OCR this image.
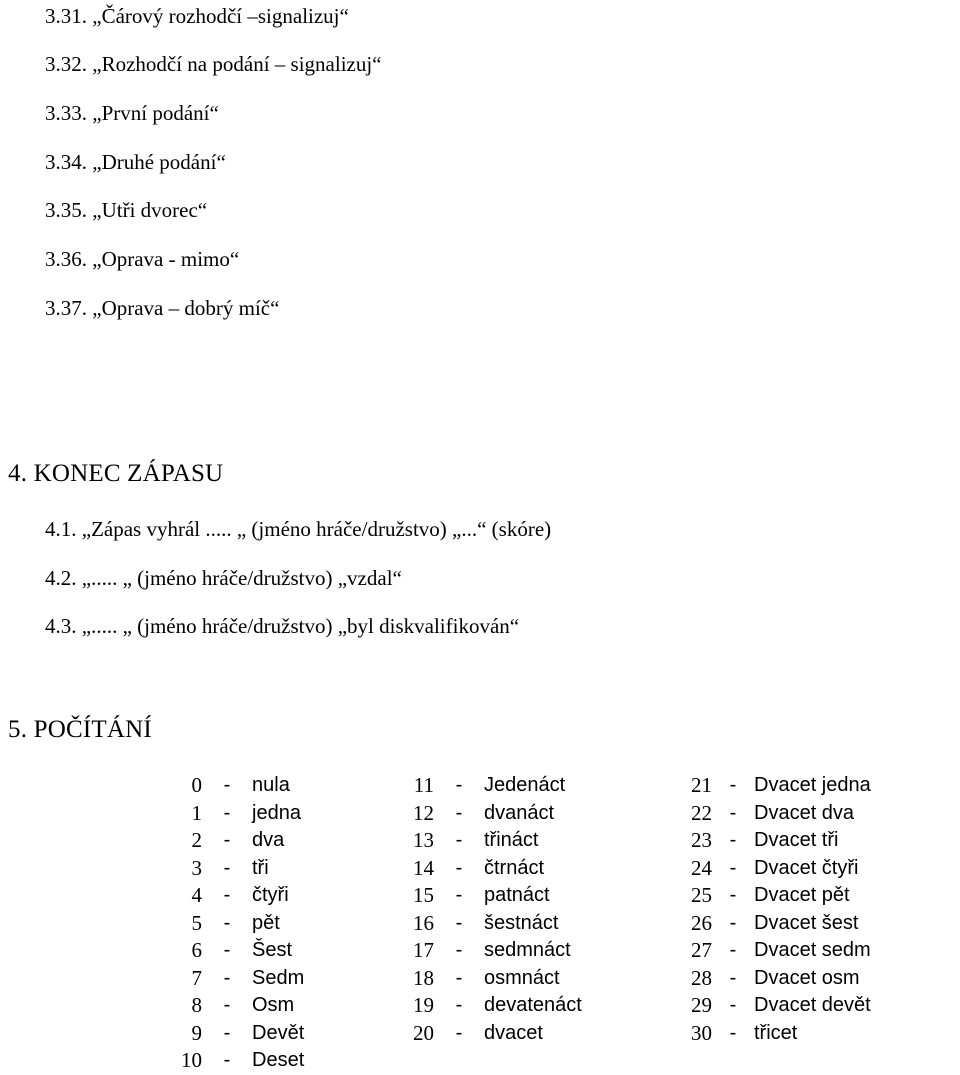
3.31. „Čárový rozhodčí –signalizuj“
3.32. „Rozhodčí na podání – signalizuj“
3.33. „První podání“
3.34. „Druhé podání“
3.35. „Utři dvorec“
3.36. „Oprava - mimo“
3.37. „Oprava – dobrý míč“
4. KONEC ZÁPASU
4.1. „Zápas vyhrál ..... „ (jméno hráče/družstvo) „...“ (skóre)
4.2. „..... „ (jméno hráče/družstvo) „vzdal“
4.3. „..... „ (jméno hráče/družstvo) „byl diskvalifikován“
5. POČÍTÁNÍ
0	-	nula	11	-	Jedenáct	21	-	Dvacet jedna
1	-	jedna	12	-	dvanáct	22	-	Dvacet dva
2	-	dva	13	-	třináct	23	-	Dvacet tři
3	-	tři	14	-	čtrnáct	24	-	Dvacet čtyři
4	-	čtyři	15	-	patnáct	25	-	Dvacet pět
5	-	pět	16	-	šestnáct	26	-	Dvacet šest
6	-	Šest	17	-	sedmnáct	27	-	Dvacet sedm
7	-	Sedm	18	-	osmnáct	28	-	Dvacet osm
8	-	Osm	19	-	devatenáct	29	-	Dvacet devět
9	-	Devět	20	-	dvacet	30	-	třicet
10	-	Deset						
